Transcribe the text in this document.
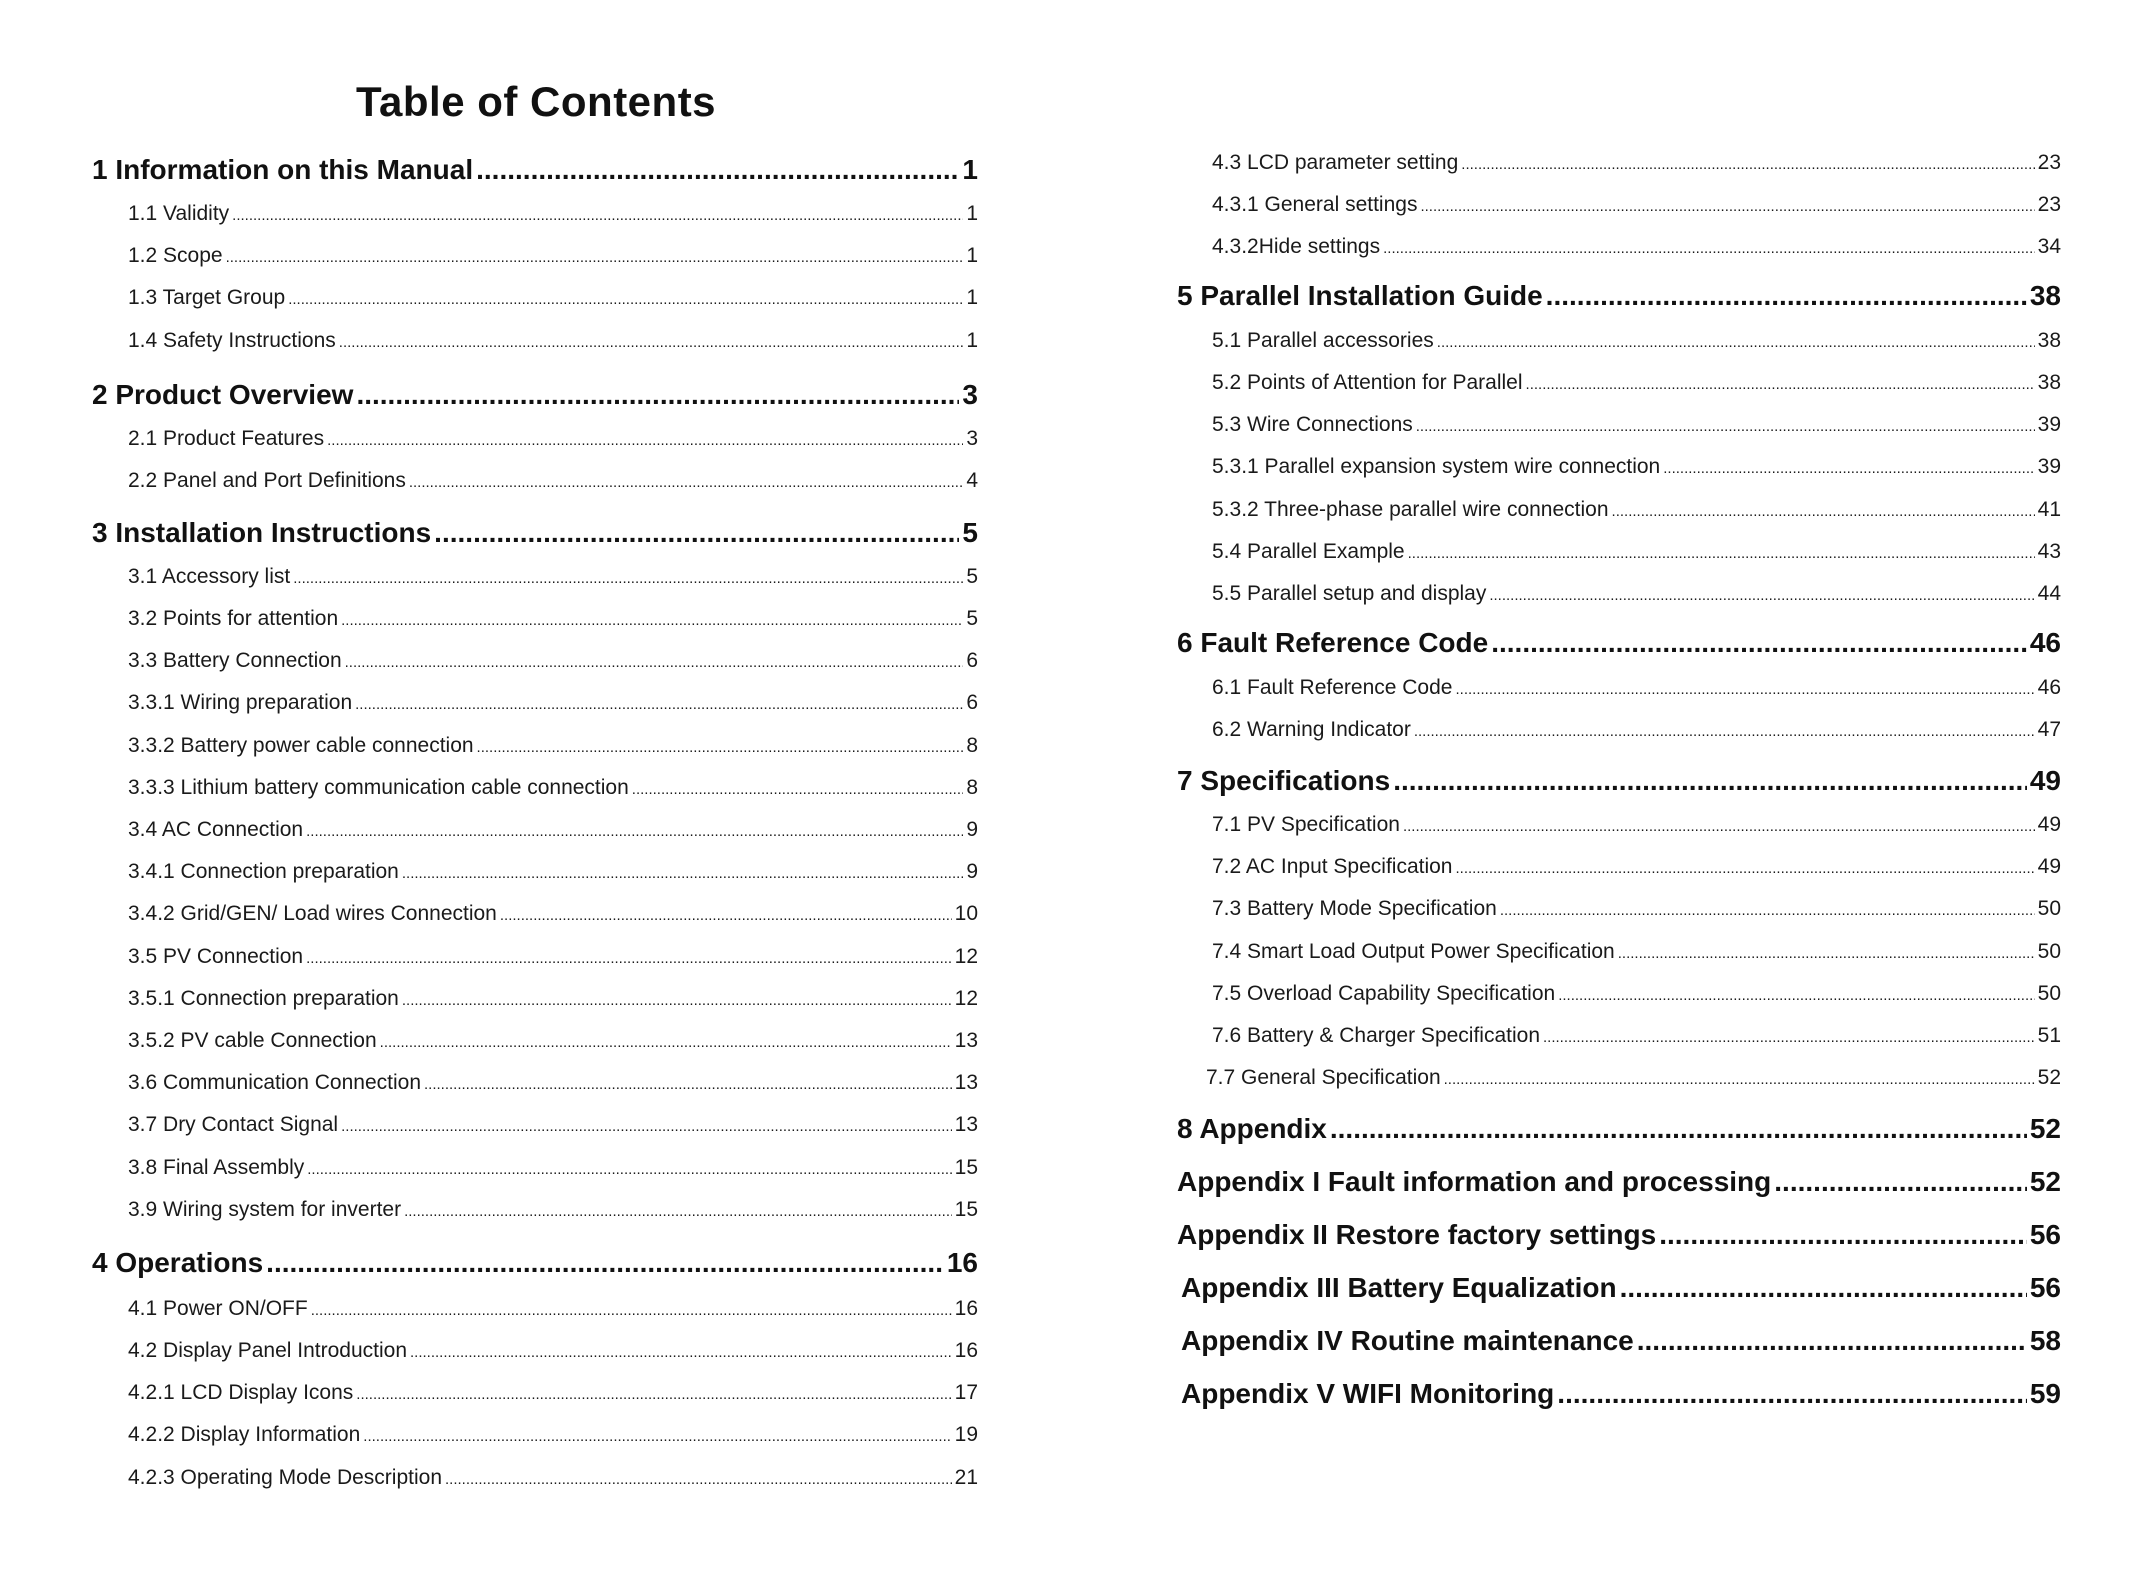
Table of Contents
1 Information on this Manual .....	1
1.1 Validity .....	1
1.2 Scope .....	1
1.3 Target Group .....	1
1.4 Safety Instructions .....	1
2 Product Overview .....	3
2.1 Product Features .....	3
2.2 Panel and Port Definitions .....	4
3 Installation Instructions .....	5
3.1 Accessory list .....	5
3.2 Points for attention .....	5
3.3 Battery Connection .....	6
3.3.1 Wiring preparation .....	6
3.3.2 Battery power cable connection .....	8
3.3.3 Lithium battery communication cable connection .....	8
3.4 AC Connection .....	9
3.4.1 Connection preparation .....	9
3.4.2 Grid/GEN/ Load wires Connection .....	10
3.5 PV Connection .....	12
3.5.1 Connection preparation .....	12
3.5.2 PV cable Connection .....	13
3.6 Communication Connection .....	13
3.7 Dry Contact Signal .....	13
3.8 Final Assembly .....	15
3.9 Wiring system for inverter .....	15
4 Operations .....	16
4.1 Power ON/OFF .....	16
4.2 Display Panel Introduction .....	16
4.2.1 LCD Display Icons .....	17
4.2.2 Display Information .....	19
4.2.3 Operating Mode Description .....	21
4.3 LCD parameter setting .....	23
4.3.1 General settings .....	23
4.3.2Hide settings .....	34
5 Parallel Installation Guide .....	38
5.1 Parallel accessories .....	38
5.2 Points of Attention for Parallel .....	38
5.3 Wire Connections .....	39
5.3.1 Parallel expansion system wire connection .....	39
5.3.2 Three-phase parallel wire connection .....	41
5.4 Parallel Example .....	43
5.5 Parallel setup and display .....	44
6 Fault Reference Code .....	46
6.1 Fault Reference Code .....	46
6.2 Warning Indicator .....	47
7 Specifications .....	49
7.1 PV Specification .....	49
7.2 AC Input Specification .....	49
7.3 Battery Mode Specification .....	50
7.4 Smart Load Output Power Specification .....	50
7.5 Overload Capability Specification .....	50
7.6 Battery & Charger Specification .....	51
7.7 General Specification .....	52
8 Appendix .....	52
Appendix I Fault information and processing .....	52
Appendix II Restore factory settings .....	56
Appendix III Battery Equalization .....	56
Appendix IV Routine maintenance .....	58
Appendix V WIFI Monitoring .....	59
